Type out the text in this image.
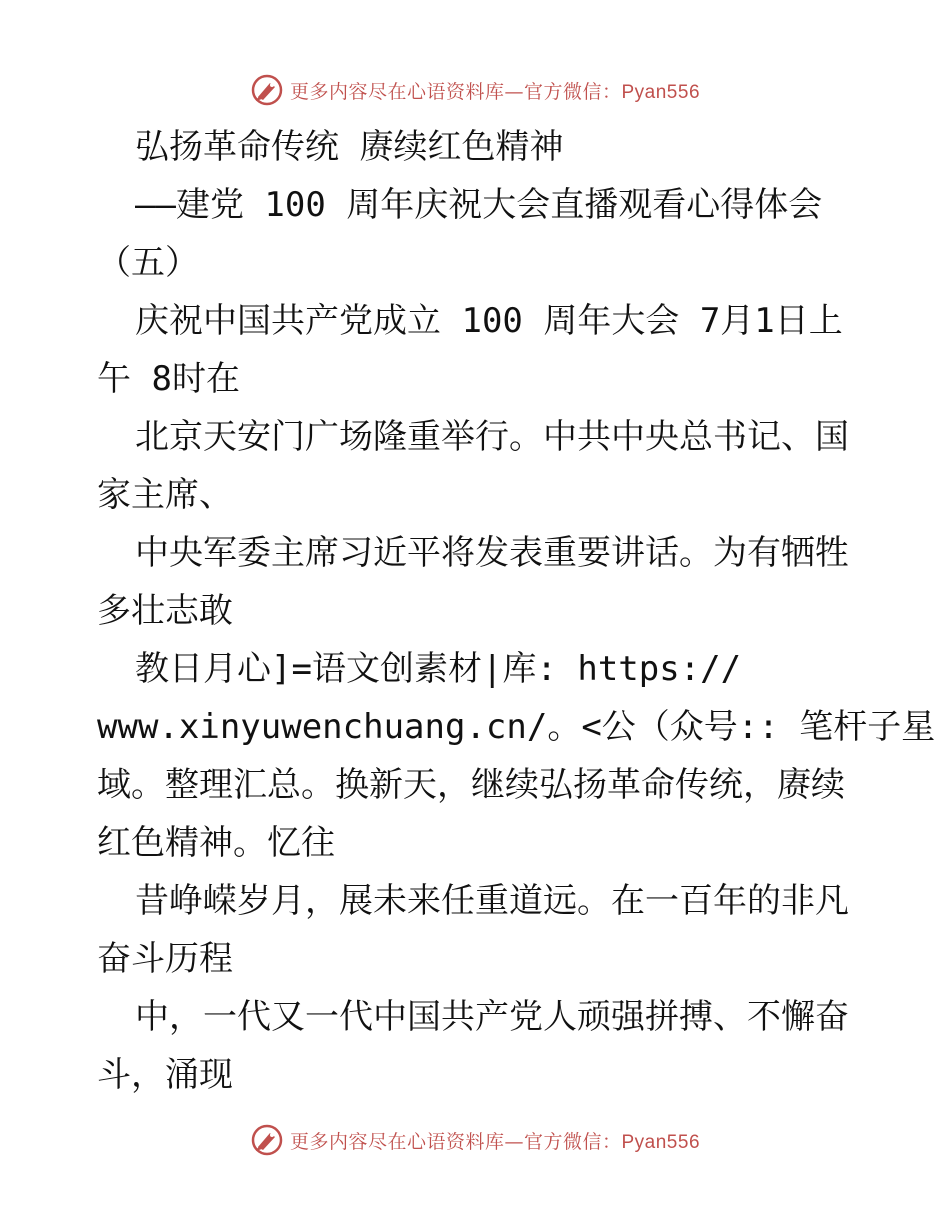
更多内容尽在心语资料库—官方微信：Pyan556
弘扬革命传统 赓续红色精神
——建党 100 周年庆祝大会直播观看心得体会
（五）
庆祝中国共产党成立 100 周年大会 7月1日上
午 8时在
北京天安门广场隆重举行。中共中央总书记、国
家主席、
中央军委主席习近平将发表重要讲话。为有牺牲
多壮志敢
教日月心]=语文创素材|库: https://
www.xinyuwenchuang.cn/。<公（众号:: 笔杆子星
域。整理汇总。换新天，继续弘扬革命传统，赓续
红色精神。忆往
昔峥嵘岁月，展未来任重道远。在一百年的非凡
奋斗历程
中，一代又一代中国共产党人顽强拼搏、不懈奋
斗，涌现
更多内容尽在心语资料库—官方微信：Pyan556
